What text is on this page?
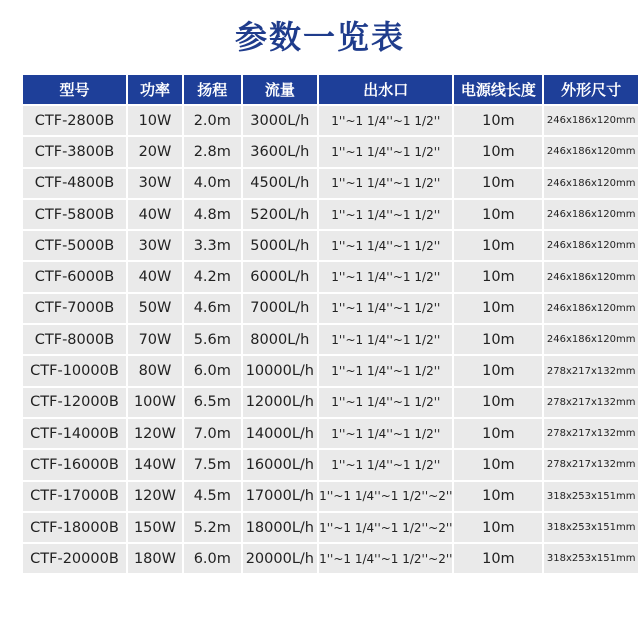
参数一览表
型号	功率	扬程	流量	出水口	电源线长度	外形尺寸
CTF-2800B	10W	2.0m	3000L/h	1''~1 1/4''~1 1/2''	10m	246x186x120mm
CTF-3800B	20W	2.8m	3600L/h	1''~1 1/4''~1 1/2''	10m	246x186x120mm
CTF-4800B	30W	4.0m	4500L/h	1''~1 1/4''~1 1/2''	10m	246x186x120mm
CTF-5800B	40W	4.8m	5200L/h	1''~1 1/4''~1 1/2''	10m	246x186x120mm
CTF-5000B	30W	3.3m	5000L/h	1''~1 1/4''~1 1/2''	10m	246x186x120mm
CTF-6000B	40W	4.2m	6000L/h	1''~1 1/4''~1 1/2''	10m	246x186x120mm
CTF-7000B	50W	4.6m	7000L/h	1''~1 1/4''~1 1/2''	10m	246x186x120mm
CTF-8000B	70W	5.6m	8000L/h	1''~1 1/4''~1 1/2''	10m	246x186x120mm
CTF-10000B	80W	6.0m	10000L/h	1''~1 1/4''~1 1/2''	10m	278x217x132mm
CTF-12000B	100W	6.5m	12000L/h	1''~1 1/4''~1 1/2''	10m	278x217x132mm
CTF-14000B	120W	7.0m	14000L/h	1''~1 1/4''~1 1/2''	10m	278x217x132mm
CTF-16000B	140W	7.5m	16000L/h	1''~1 1/4''~1 1/2''	10m	278x217x132mm
CTF-17000B	120W	4.5m	17000L/h	1''~1 1/4''~1 1/2''~2''	10m	318x253x151mm
CTF-18000B	150W	5.2m	18000L/h	1''~1 1/4''~1 1/2''~2''	10m	318x253x151mm
CTF-20000B	180W	6.0m	20000L/h	1''~1 1/4''~1 1/2''~2''	10m	318x253x151mm
